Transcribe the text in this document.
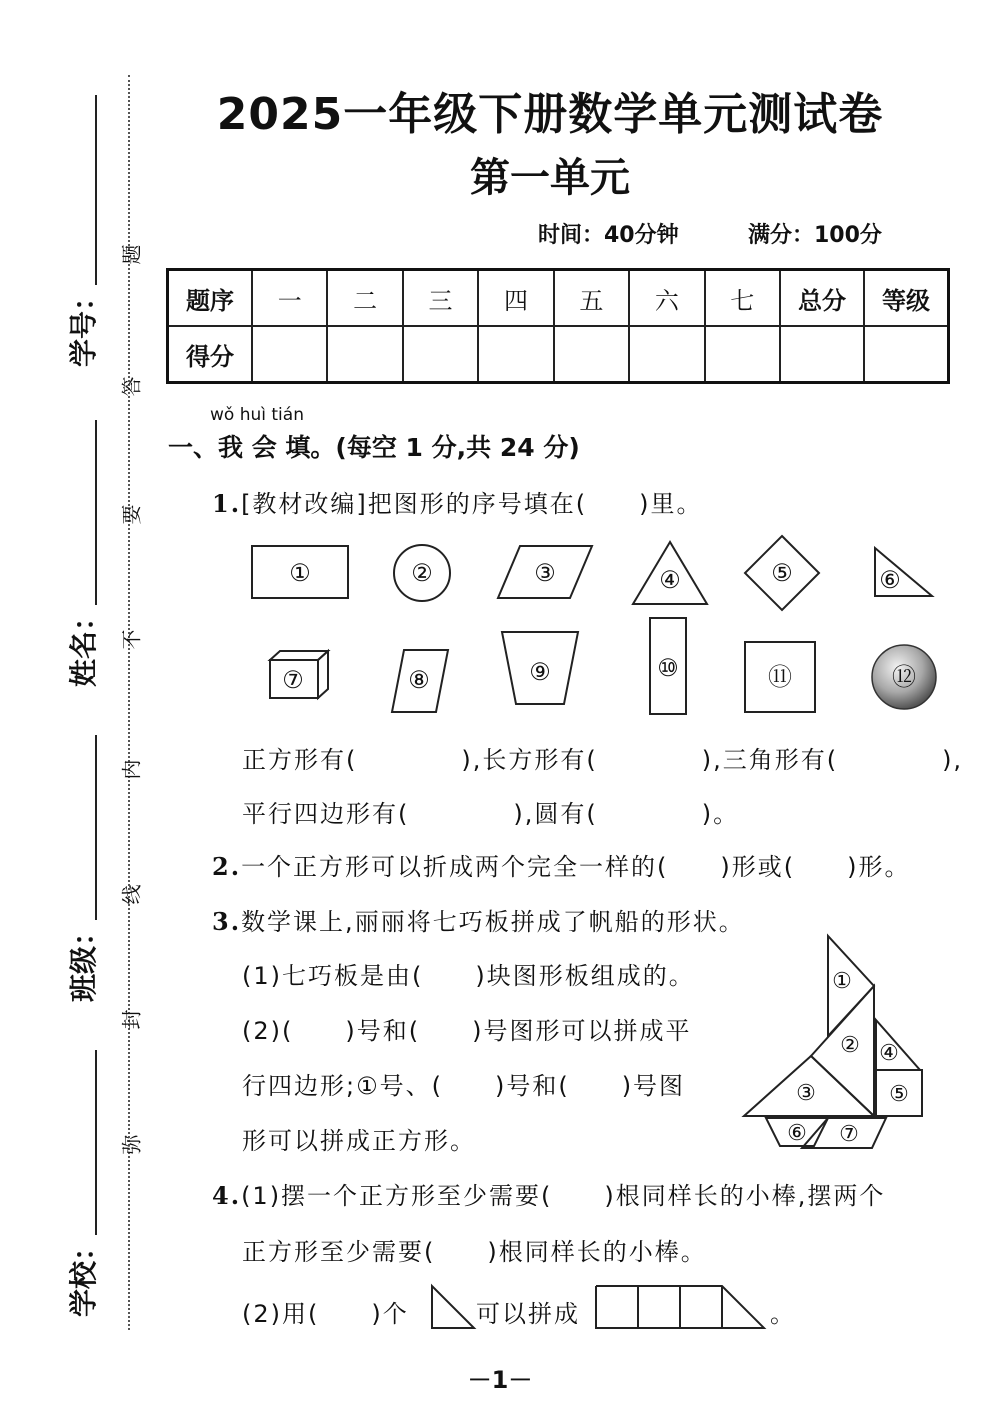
学号：
姓名：
班级：
学校：
题
答
要
不
内
线
封
弥
2025一年级下册数学单元测试卷
第一单元
时间：40分钟	满分：100分
题序	一	二	三	四	五	六	七	总分	等级
得分									
wǒ huì tián
一、我 会 填。(每空 1 分,共 24 分)
1.[教材改编]把图形的序号填在(　　)里。
①	②	③	④	⑤	⑥
⑦	⑧	⑨	⑩	⑪	⑫
正方形有(　　　　),长方形有(　　　　),三角形有(　　　　),
平行四边形有(　　　　),圆有(　　　　)。
2.一个正方形可以折成两个完全一样的(　　)形或(　　)形。
3.数学课上,丽丽将七巧板拼成了帆船的形状。
(1)七巧板是由(　　)块图形板组成的。
(2)(　　)号和(　　)号图形可以拼成平
行四边形;①号、(　　)号和(　　)号图
形可以拼成正方形。
①
②
③
④
⑤
⑥ ⑦
4.(1)摆一个正方形至少需要(　　)根同样长的小棒,摆两个
正方形至少需要(　　)根同样长的小棒。
(2)用(　　)个	可以拼成	。
－1－
